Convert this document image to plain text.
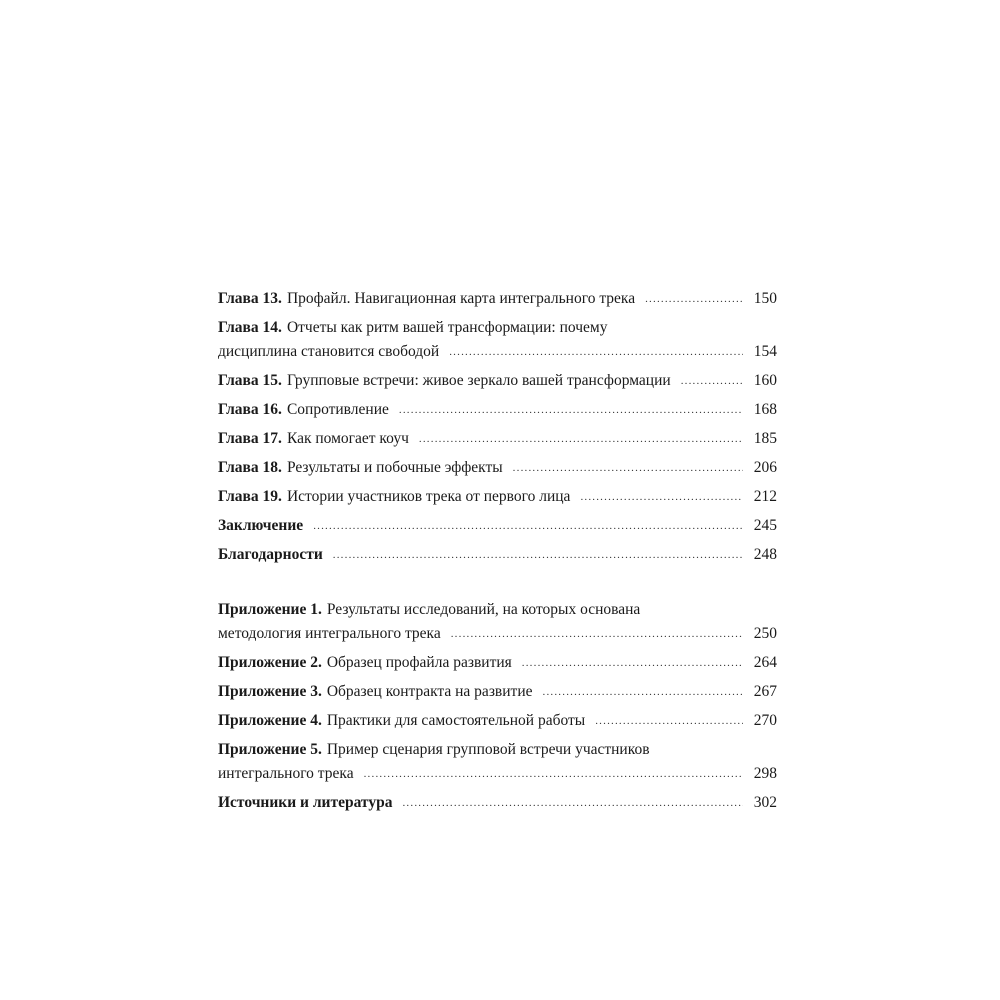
Глава 13. Профайл. Навигационная карта интегрального трека .....	150
Глава 14. Отчеты как ритм вашей трансформации: почему
дисциплина становится свободой .....	154
Глава 15. Групповые встречи: живое зеркало вашей трансформации .....	160
Глава 16. Сопротивление .....	168
Глава 17. Как помогает коуч .....	185
Глава 18. Результаты и побочные эффекты .....	206
Глава 19. Истории участников трека от первого лица .....	212
Заключение .....	245
Благодарности .....	248
Приложение 1. Результаты исследований, на которых основана
методология интегрального трека .....	250
Приложение 2. Образец профайла развития .....	264
Приложение 3. Образец контракта на развитие .....	267
Приложение 4. Практики для самостоятельной работы .....	270
Приложение 5. Пример сценария групповой встречи участников
интегрального трека .....	298
Источники и литература .....	302
